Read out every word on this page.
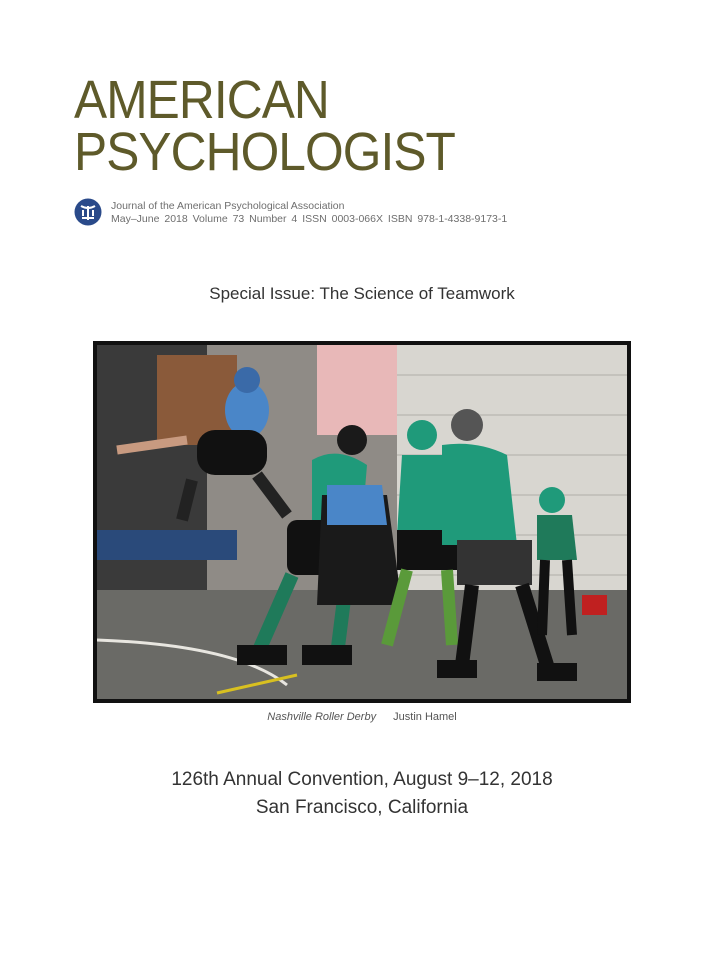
AMERICAN
PSYCHOLOGIST
Journal of the American Psychological Association
May–June 2018 Volume 73 Number 4 ISSN 0003-066X ISBN 978-1-4338-9173-1
Special Issue: The Science of Teamwork
Nashville Roller Derby Justin Hamel
126th Annual Convention, August 9–12, 2018
San Francisco, California
